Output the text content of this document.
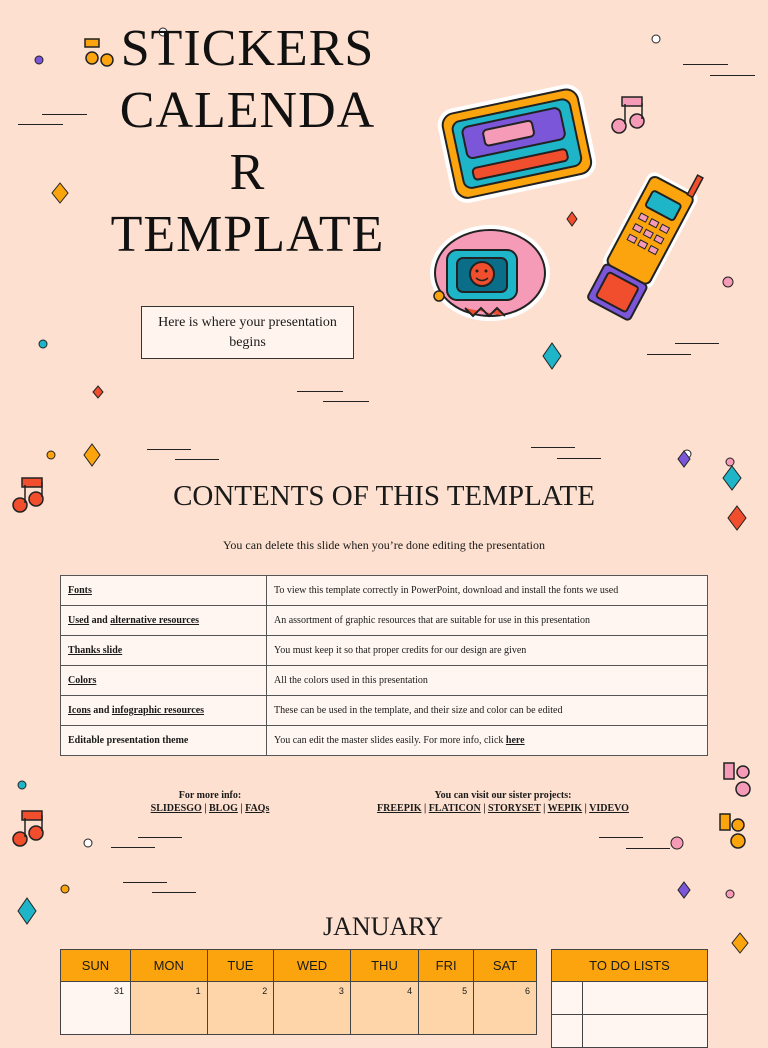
STICKERS
CALENDA
R
TEMPLATE
Here is where your presentation begins
CONTENTS OF THIS TEMPLATE
You can delete this slide when you’re done editing the presentation
Fonts	To view this template correctly in PowerPoint, download and install the fonts we used
Used and alternative resources	An assortment of graphic resources that are suitable for use in this presentation
Thanks slide	You must keep it so that proper credits for our design are given
Colors	All the colors used in this presentation
Icons and infographic resources	These can be used in the template, and their size and color can be edited
Editable presentation theme	You can edit the master slides easily. For more info, click here
For more info:
SLIDESGO | BLOG | FAQs
You can visit our sister projects:
FREEPIK | FLATICON | STORYSET | WEPIK | VIDEVO
JANUARY
SUN	MON	TUE	WED	THU	FRI	SAT
31	1	2	3	4	5	6
TO DO LISTS	
